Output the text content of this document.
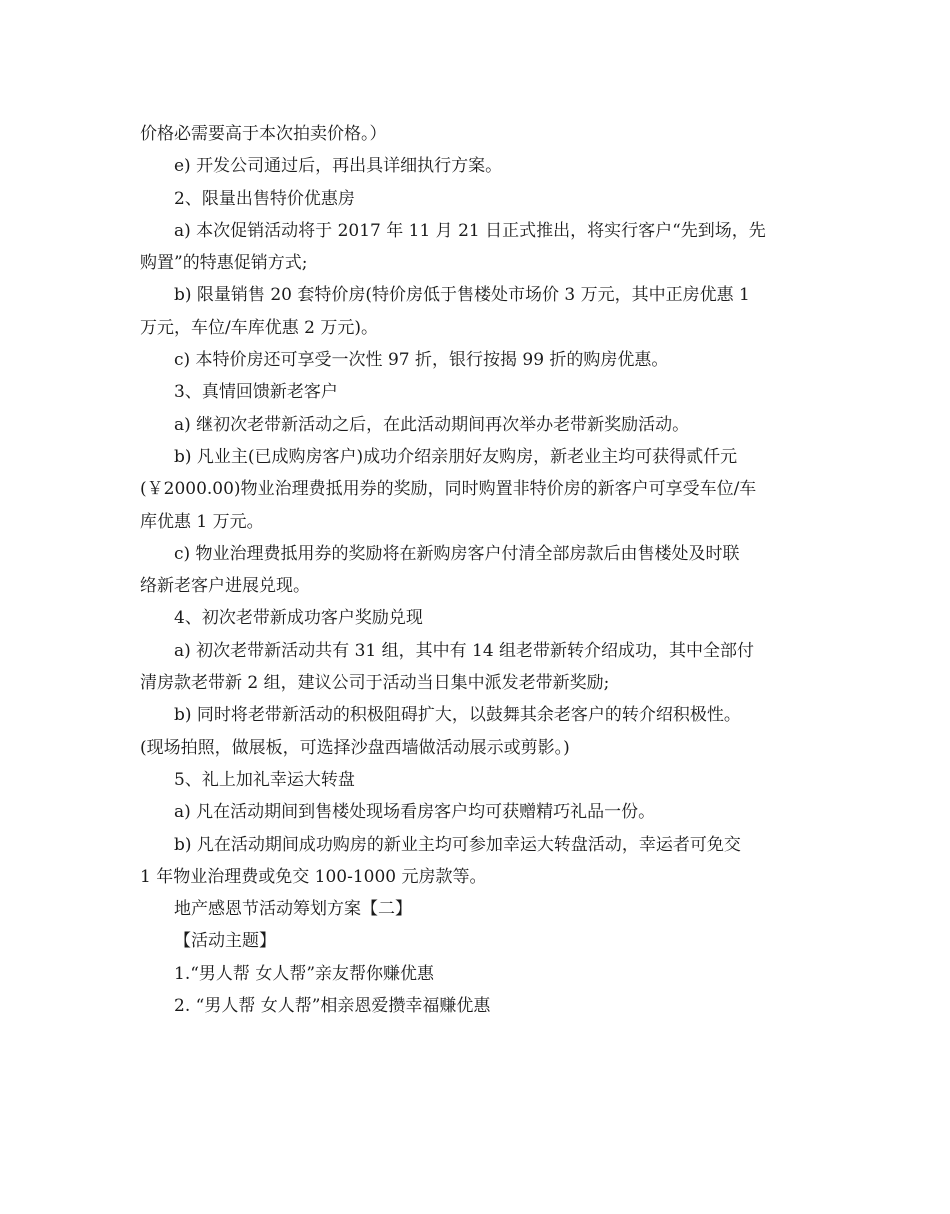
价格必需要高于本次拍卖价格。）
e) 开发公司通过后，再出具详细执行方案。
2、限量出售特价优惠房
a) 本次促销活动将于 2017 年 11 月 21 日正式推出，将实行客户“先到场，先
购置”的特惠促销方式;
b) 限量销售 20 套特价房(特价房低于售楼处市场价 3 万元，其中正房优惠 1
万元，车位/车库优惠 2 万元)。
c) 本特价房还可享受一次性 97 折，银行按揭 99 折的购房优惠。
3、真情回馈新老客户
a) 继初次老带新活动之后，在此活动期间再次举办老带新奖励活动。
b) 凡业主(已成购房客户)成功介绍亲朋好友购房，新老业主均可获得贰仟元
(￥2000.00)物业治理费抵用券的奖励，同时购置非特价房的新客户可享受车位/车
库优惠 1 万元。
c) 物业治理费抵用券的奖励将在新购房客户付清全部房款后由售楼处及时联
络新老客户进展兑现。
4、初次老带新成功客户奖励兑现
a) 初次老带新活动共有 31 组，其中有 14 组老带新转介绍成功，其中全部付
清房款老带新 2 组，建议公司于活动当日集中派发老带新奖励;
b) 同时将老带新活动的积极阻碍扩大，以鼓舞其余老客户的转介绍积极性。
(现场拍照，做展板，可选择沙盘西墙做活动展示或剪影。)
5、礼上加礼幸运大转盘
a) 凡在活动期间到售楼处现场看房客户均可获赠精巧礼品一份。
b) 凡在活动期间成功购房的新业主均可参加幸运大转盘活动，幸运者可免交
1 年物业治理费或免交 100-1000 元房款等。
地产感恩节活动筹划方案【二】
【活动主题】
1.“男人帮 女人帮”亲友帮你赚优惠
2. “男人帮 女人帮”相亲恩爱攒幸福赚优惠
